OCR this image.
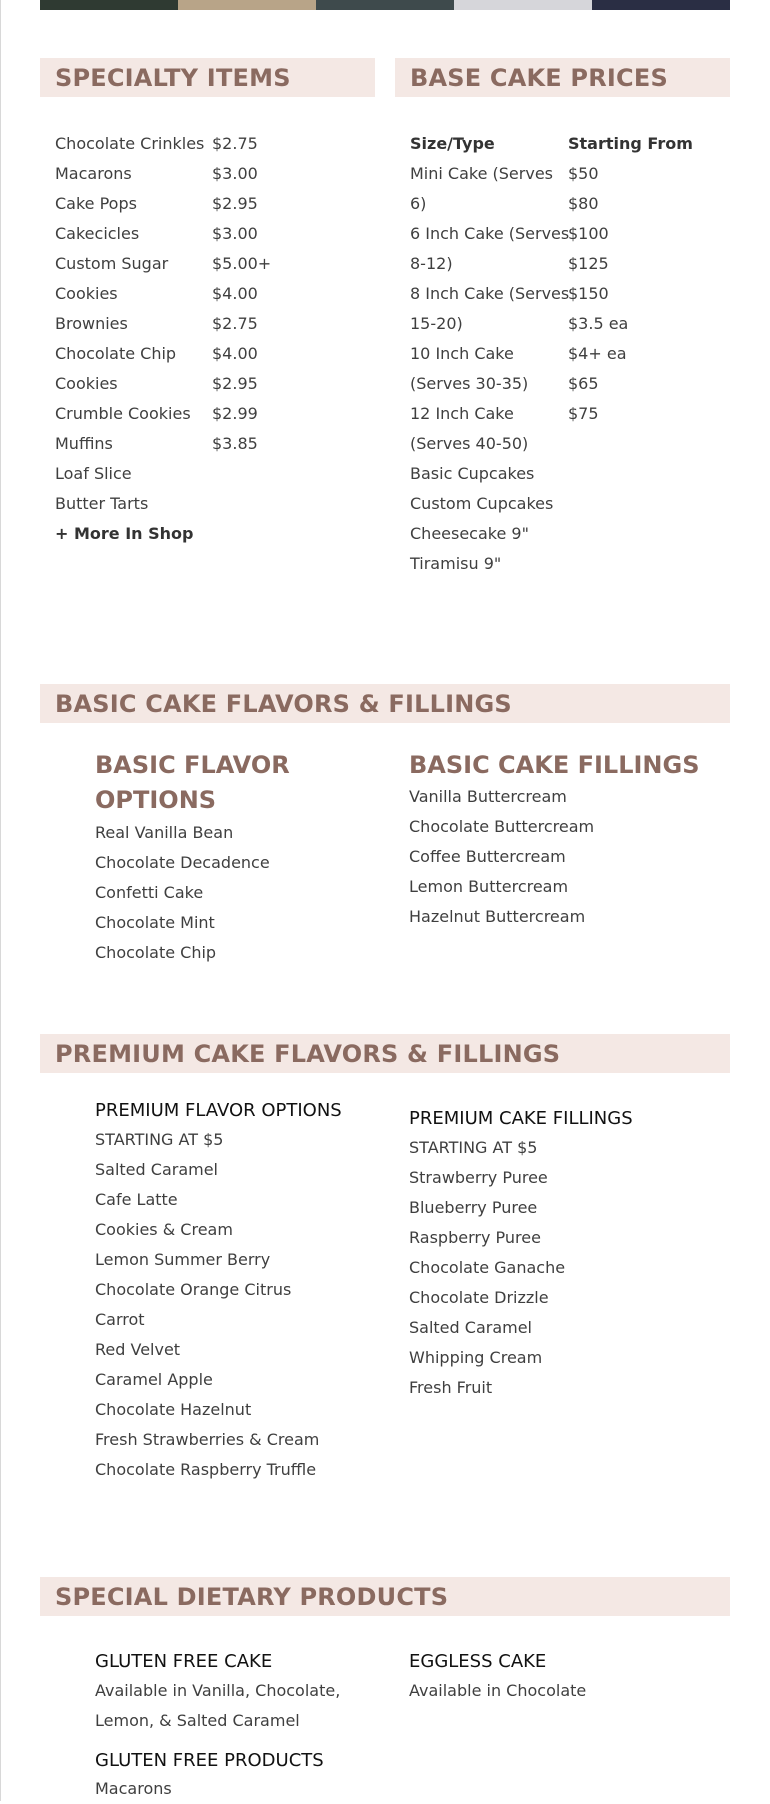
SPECIALTY ITEMS
Chocolate Crinkles
Macarons
Cake Pops
Cakecicles
Custom Sugar
Cookies
Brownies
Chocolate Chip
Cookies
Crumble Cookies
Muffins
Loaf Slice
Butter Tarts
$2.75
$3.00
$2.95
$3.00
$5.00+
$4.00
$2.75
$4.00
$2.95
$2.99
$3.85
+ More In Shop
BASE CAKE PRICES
Size/Type	Starting From
Mini Cake (Serves
6)
6 Inch Cake (Serves
8-12)
8 Inch Cake (Serves
15-20)
10 Inch Cake
(Serves 30-35)
12 Inch Cake
(Serves 40-50)
Basic Cupcakes
Custom Cupcakes
Cheesecake 9"
Tiramisu 9"
$50
$80
$100
$125
$150
$3.5 ea
$4+ ea
$65
$75
BASIC CAKE FLAVORS & FILLINGS
BASIC FLAVOR
OPTIONS
Real Vanilla Bean
Chocolate Decadence
Confetti Cake
Chocolate Mint
Chocolate Chip
BASIC CAKE FILLINGS
Vanilla Buttercream
Chocolate Buttercream
Coffee Buttercream
Lemon Buttercream
Hazelnut Buttercream
PREMIUM CAKE FLAVORS & FILLINGS
PREMIUM FLAVOR OPTIONS
STARTING AT $5
Salted Caramel
Cafe Latte
Cookies & Cream
Lemon Summer Berry
Chocolate Orange Citrus
Carrot
Red Velvet
Caramel Apple
Chocolate Hazelnut
Fresh Strawberries & Cream
Chocolate Raspberry Truffle
PREMIUM CAKE FILLINGS
STARTING AT $5
Strawberry Puree
Blueberry Puree
Raspberry Puree
Chocolate Ganache
Chocolate Drizzle
Salted Caramel
Whipping Cream
Fresh Fruit
SPECIAL DIETARY PRODUCTS
GLUTEN FREE CAKE
Available in Vanilla, Chocolate,
Lemon, & Salted Caramel
EGGLESS CAKE
Available in Chocolate
GLUTEN FREE PRODUCTS
Macarons
